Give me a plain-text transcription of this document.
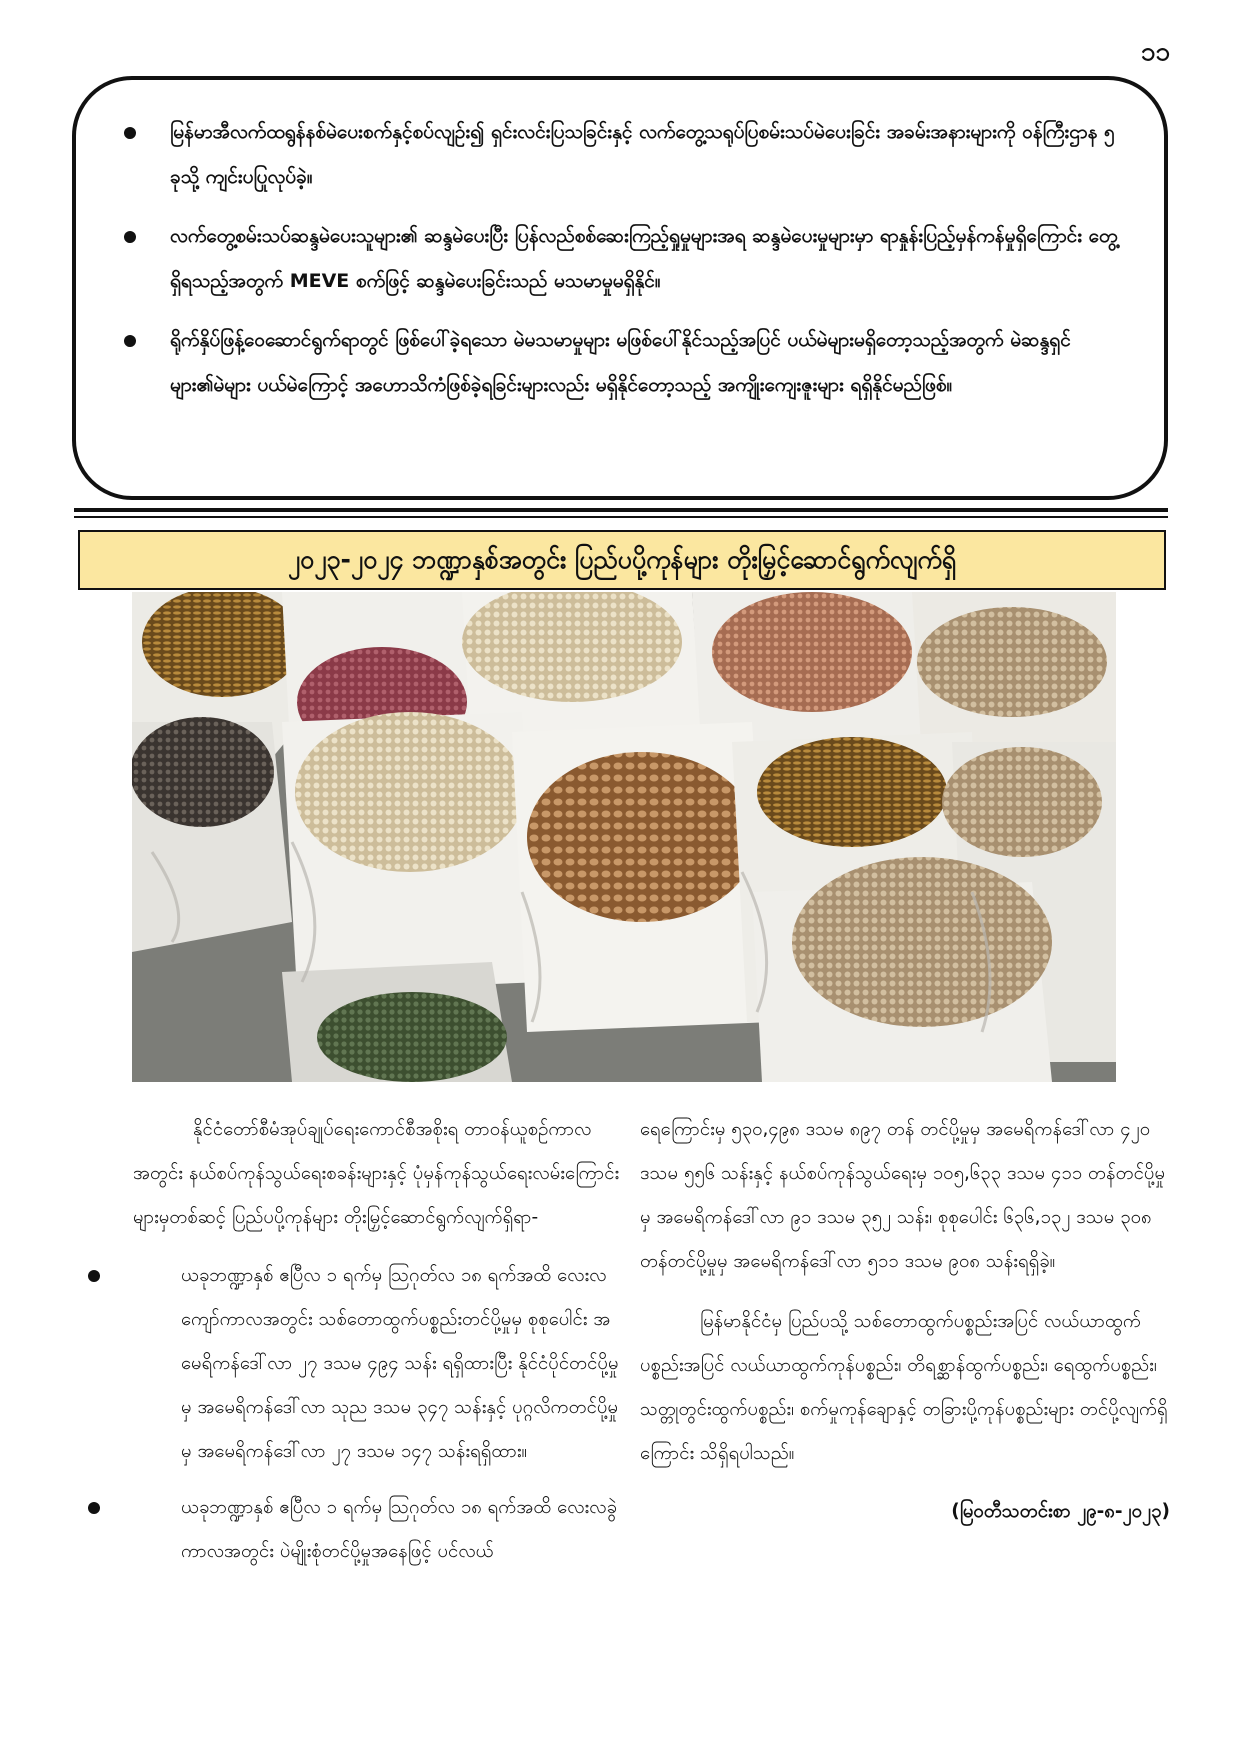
၁၁
မြန်မာအီလက်ထရွန်နစ်မဲပေးစက်နှင့်စပ်လျဉ်း၍ ရှင်းလင်းပြသခြင်းနှင့် လက်တွေ့သရုပ်ပြစမ်းသပ်မဲပေးခြင်း အခမ်းအနားများကို ဝန်ကြီးဌာန ၅ ခုသို့ ကျင်းပပြုလုပ်ခဲ့။
လက်တွေ့စမ်းသပ်ဆန္ဒမဲပေးသူများ၏ ဆန္ဒမဲပေးပြီး ပြန်လည်စစ်ဆေးကြည့်ရှုမှုများအရ ဆန္ဒမဲပေးမှုများမှာ ရာနှုန်းပြည့်မှန်ကန်မှုရှိကြောင်း တွေ့ရှိရသည့်အတွက် MEVE စက်ဖြင့် ဆန္ဒမဲပေးခြင်းသည် မသမာမှုမရှိနိုင်။
ရိုက်နှိပ်ဖြန့်ဝေဆောင်ရွက်ရာတွင် ဖြစ်ပေါ်ခဲ့ရသော မဲမသမာမှုများ မဖြစ်ပေါ်နိုင်သည့်အပြင် ပယ်မဲများမရှိတော့သည့်အတွက် မဲဆန္ဒရှင်များ၏မဲများ ပယ်မဲကြောင့် အဟောသိကံဖြစ်ခဲ့ရခြင်းများလည်း မရှိနိုင်တော့သည့် အကျိုးကျေးဇူးများ ရရှိနိုင်မည်ဖြစ်။
၂၀၂၃-၂၀၂၄ ဘဏ္ဍာနှစ်အတွင်း ပြည်ပပို့ကုန်များ တိုးမြှင့်ဆောင်ရွက်လျက်ရှိ

နိုင်ငံတော်စီမံအုပ်ချုပ်ရေးကောင်စီအစိုးရ တာဝန်ယူစဉ်ကာလအတွင်း နယ်စပ်ကုန်သွယ်ရေးစခန်းများနှင့် ပုံမှန်ကုန်သွယ်ရေးလမ်းကြောင်းများမှတစ်ဆင့် ပြည်ပပို့ကုန်များ တိုးမြှင့်ဆောင်ရွက်လျက်ရှိရာ-

ယခုဘဏ္ဍာနှစ် ဧပြီလ ၁ ရက်မှ ဩဂုတ်လ ၁၈ ရက်အထိ လေးလကျော်ကာလအတွင်း သစ်တောထွက်ပစ္စည်းတင်ပို့မှုမှ စုစုပေါင်း အမေရိကန်ဒေါ်လာ ၂၇ ဒသမ ၄၉၄ သန်း ရရှိထားပြီး နိုင်ငံပိုင်တင်ပို့မှုမှ အမေရိကန်ဒေါ်လာ သုည ဒသမ ၃၄၇ သန်းနှင့် ပုဂ္ဂလိကတင်ပို့မှုမှ အမေရိကန်ဒေါ်လာ ၂၇ ဒသမ ၁၄၇ သန်းရရှိထား။
ယခုဘဏ္ဍာနှစ် ဧပြီလ ၁ ရက်မှ ဩဂုတ်လ ၁၈ ရက်အထိ လေးလခွဲကာလအတွင်း ပဲမျိုးစုံတင်ပို့မှုအနေဖြင့် ပင်လယ်

ရေကြောင်းမှ ၅၃၀,၄၉၈ ဒသမ ၈၉၇ တန် တင်ပို့မှုမှ အမေရိကန်ဒေါ်လာ ၄၂၀ ဒသမ ၅၅၆ သန်းနှင့် နယ်စပ်ကုန်သွယ်ရေးမှ ၁၀၅,၆၃၃ ဒသမ ၄၁၁ တန်တင်ပို့မှုမှ အမေရိကန်ဒေါ်လာ ၉၁ ဒသမ ၃၅၂ သန်း၊ စုစုပေါင်း ၆၃၆,၁၃၂ ဒသမ ၃၀၈ တန်တင်ပို့မှုမှ အမေရိကန်ဒေါ်လာ ၅၁၁ ဒသမ ၉၀၈ သန်းရရှိခဲ့။

မြန်မာနိုင်ငံမှ ပြည်ပသို့ သစ်တောထွက်ပစ္စည်းအပြင် လယ်ယာထွက်ပစ္စည်းအပြင် လယ်ယာထွက်ကုန်ပစ္စည်း၊ တိရစ္ဆာန်ထွက်ပစ္စည်း၊ ရေထွက်ပစ္စည်း၊ သတ္တုတွင်းထွက်ပစ္စည်း၊ စက်မှုကုန်ချောနှင့် တခြားပို့ကုန်ပစ္စည်းများ တင်ပို့လျက်ရှိကြောင်း သိရှိရပါသည်။

(မြဝတီသတင်းစာ ၂၉-၈-၂၀၂၃)
